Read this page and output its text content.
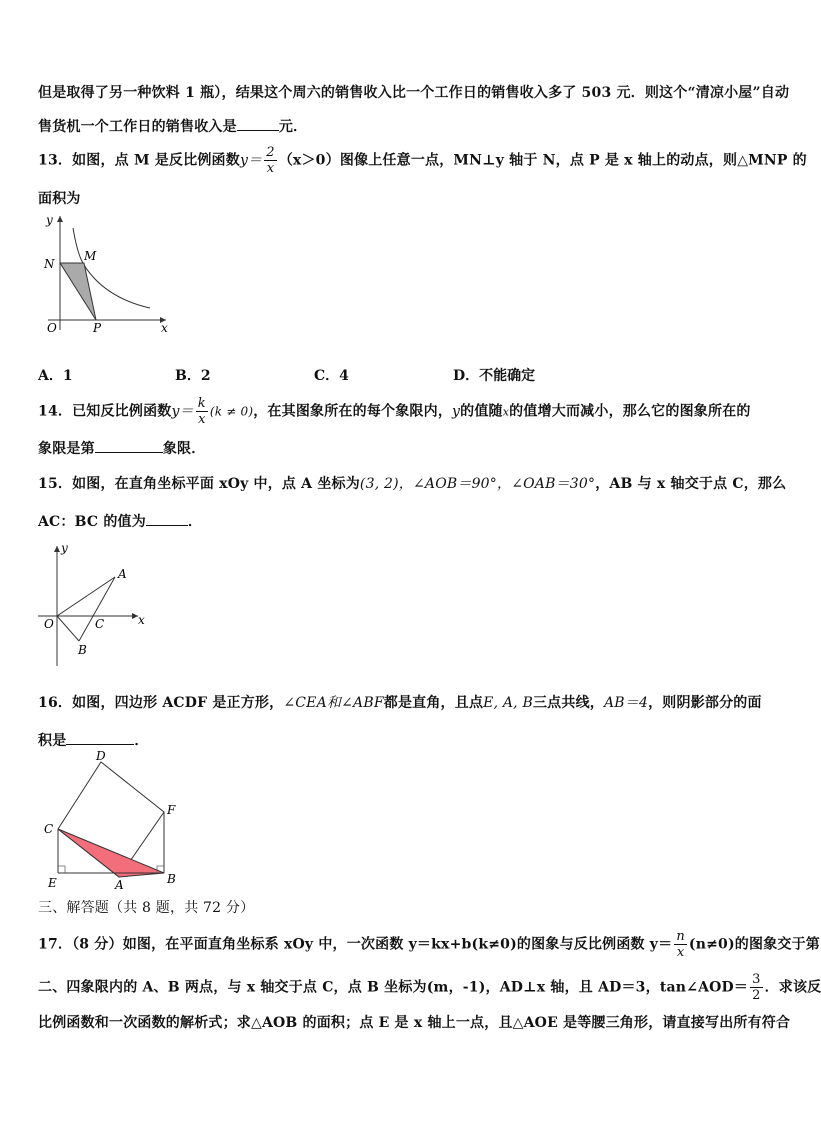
但是取得了另一种饮料 1 瓶），结果这个周六的销售收入比一个工作日的销售收入多了 503 元．则这个“清凉小屋”自动
售货机一个工作日的销售收入是	元．
13．如图，点 M 是反比例函数$y= \frac{2}{x} (x>0)$图像上任意一点，MN⊥y 轴于 N，点 P 是 x 轴上的动点，则△MNP 的
面积为
y
N
M
O	P	x
A．1	B．2	C．4	D．不能确定
14．已知反比例函数$y= \frac{k}{x} (k \ne 0)$，在其图象所在的每个象限内，y的值随x的值增大而减小，那么它的图象所在的
象限是第	象限．
15．如图，在直角坐标平面 xOy 中，点 A 坐标为(3, 2)，∠AOB＝90°，∠OAB＝30°，AB 与 x 轴交于点 C，那么
AC：BC 的值为	．
y
A
O	C
B
x
16．如图，四边形 ACDF 是正方形，∠CEA和∠ABF都是直角，且点E, A, B三点共线，AB＝4，则阴影部分的面
积是	．
D
F
C
E	A	B
三、解答题（共 8 题，共 72 分）
17．（8 分）如图，在平面直角坐标系 xOy 中，一次函数 y＝kx+b(k≠0)的图象与反比例函数 $y= \frac{n}{x} (n\ne 0)$的图象交于第
二、四象限内的 A、B 两点，与 x 轴交于点 C，点 B 坐标为(m，-1)，AD⊥x 轴，且 AD＝3，tan∠AOD＝ $\frac{3}{2}$ ．求该反
比例函数和一次函数的解析式；求△AOB 的面积；点 E 是 x 轴上一点，且△AOE 是等腰三角形，请直接写出所有符合
